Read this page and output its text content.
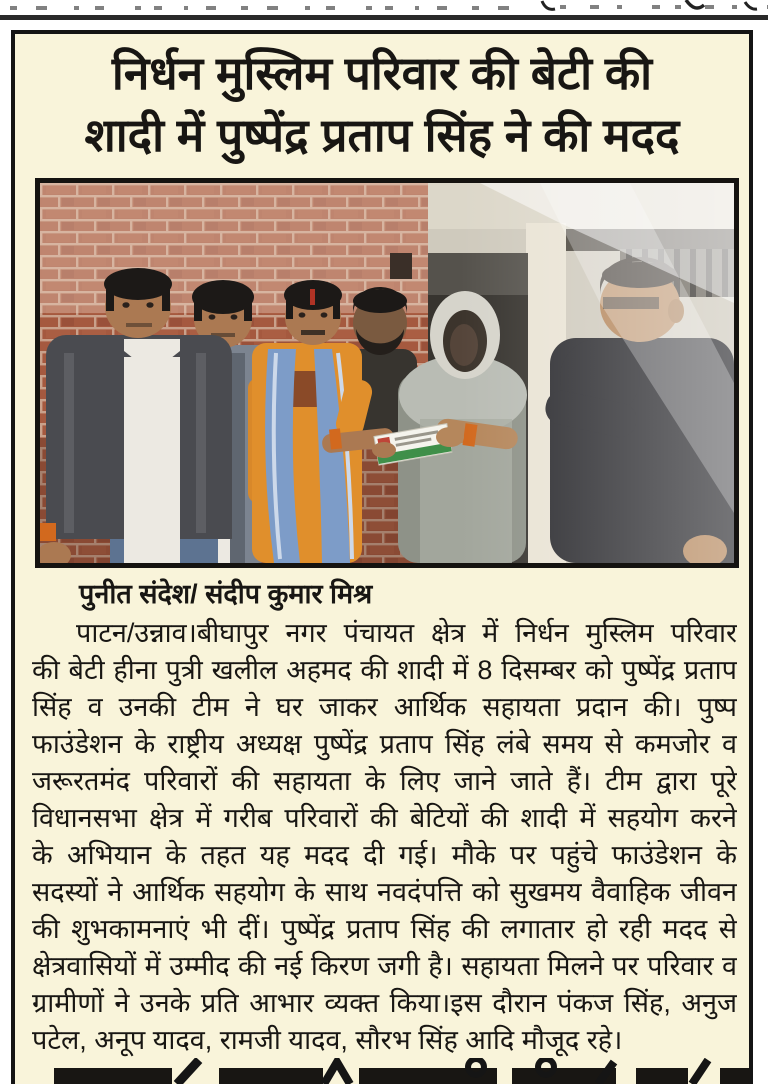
निर्धन मुस्लिम परिवार की बेटी की
शादी में पुष्पेंद्र प्रताप सिंह ने की मदद
पुनीत संदेश/ संदीप कुमार मिश्र
पाटन/उन्नाव।बीघापुर नगर पंचायत क्षेत्र में निर्धन मुस्लिम परिवार
की बेटी हीना पुत्री खलील अहमद की शादी में 8 दिसम्बर को पुष्पेंद्र प्रताप
सिंह व उनकी टीम ने घर जाकर आर्थिक सहायता प्रदान की। पुष्प
फाउंडेशन के राष्ट्रीय अध्यक्ष पुष्पेंद्र प्रताप सिंह लंबे समय से कमजोर व
जरूरतमंद परिवारों की सहायता के लिए जाने जाते हैं। टीम द्वारा पूरे
विधानसभा क्षेत्र में गरीब परिवारों की बेटियों की शादी में सहयोग करने
के अभियान के तहत यह मदद दी गई। मौके पर पहुंचे फाउंडेशन के
सदस्यों ने आर्थिक सहयोग के साथ नवदंपत्ति को सुखमय वैवाहिक जीवन
की शुभकामनाएं भी दीं। पुष्पेंद्र प्रताप सिंह की लगातार हो रही मदद से
क्षेत्रवासियों में उम्मीद की नई किरण जगी है। सहायता मिलने पर परिवार व
ग्रामीणों ने उनके प्रति आभार व्यक्त किया।इस दौरान पंकज सिंह, अनुज
पटेल, अनूप यादव, रामजी यादव, सौरभ सिंह आदि मौजूद रहे।
